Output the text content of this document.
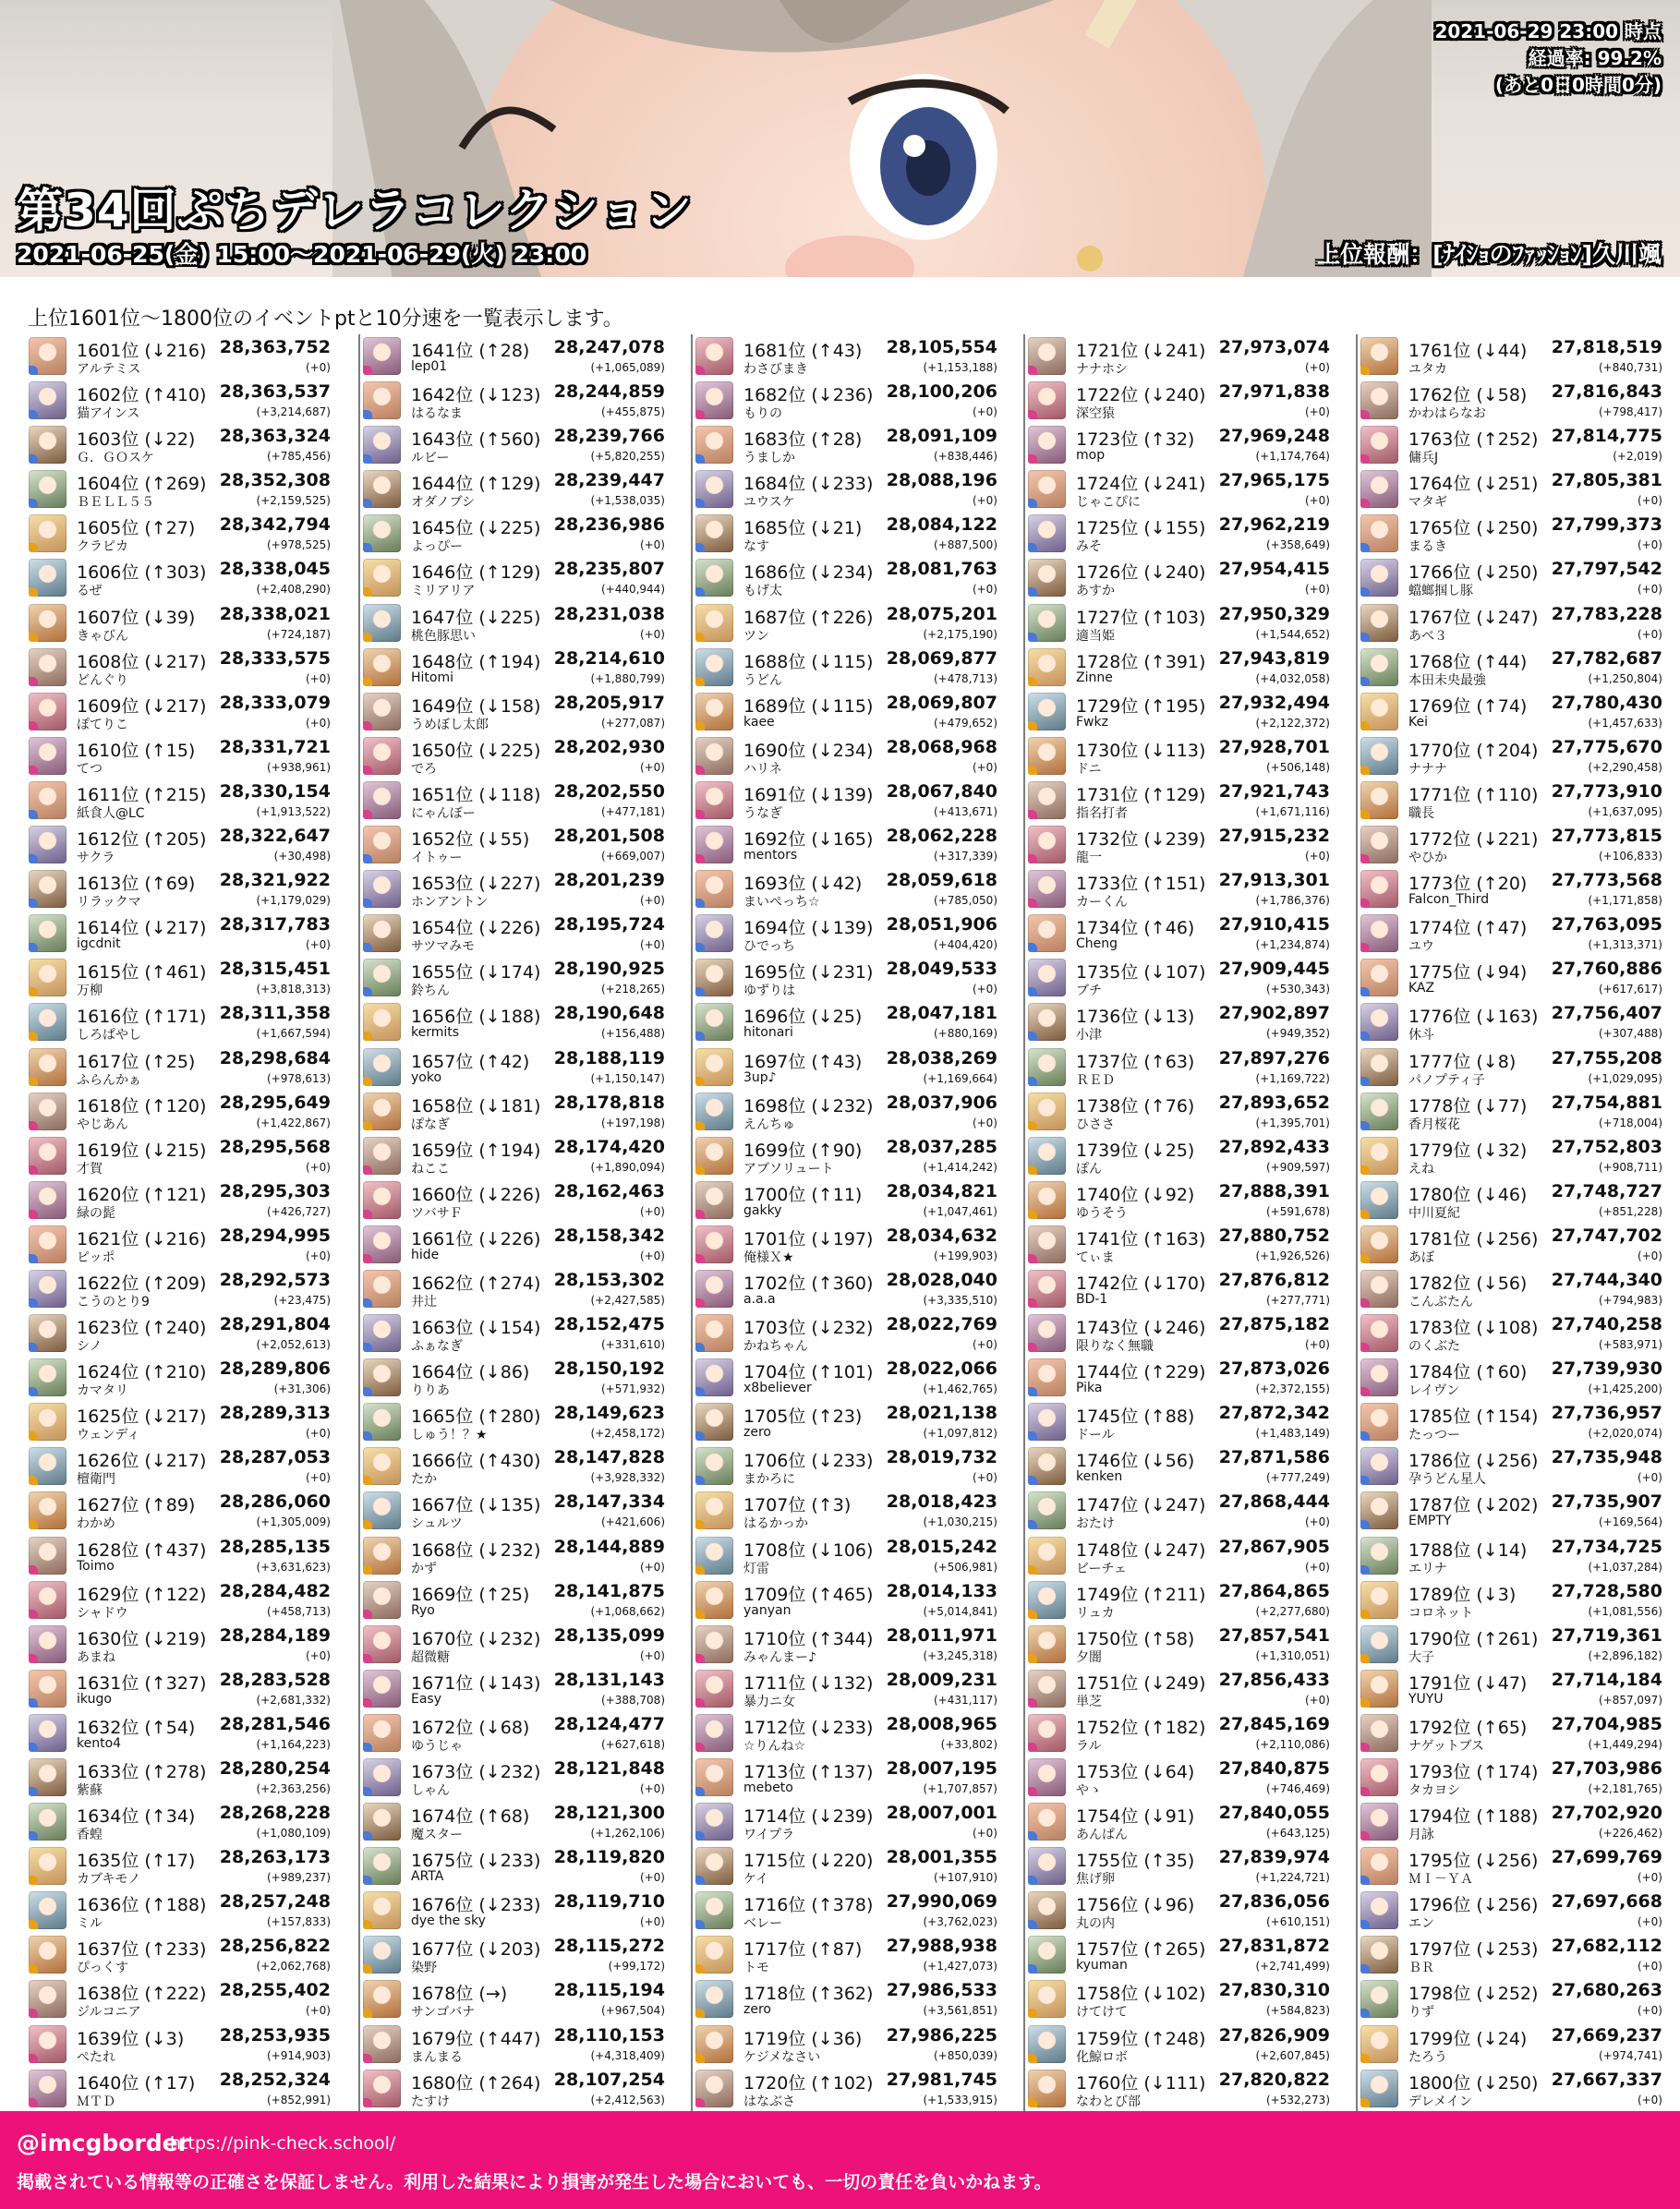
2021-06-29 23:00 時点
経過率: 99.2%
(あと0日0時間0分)
第34回ぷちデレラコレクション
2021-06-25(金) 15:00～2021-06-29(火) 23:00	上位報酬：[ﾅｲｼｮのﾌｧｯｼｮﾝ]久川颯
上位1601位～1800位のイベントptと10分速を一覧表示します。
1601位 (↓216) 28,363,752
アルテミス	(+0)
1602位 (↑410) 28,363,537
猫アインス	(+3,214,687)
1603位 (↓22) 28,363,324
Ｇ．ＧＯスケ	(+785,456)
1604位 (↑269) 28,352,308
ＢＥＬＬ５５	(+2,159,525)
1605位 (↑27) 28,342,794
クラピカ	(+978,525)
1606位 (↑303) 28,338,045
るぜ	(+2,408,290)
1607位 (↓39) 28,338,021
きゃびん	(+724,187)
1608位 (↓217) 28,333,575
どんぐり	(+0)
1609位 (↓217) 28,333,079
ぽてりこ	(+0)
1610位 (↑15) 28,331,721
てつ	(+938,961)
1611位 (↑215) 28,330,154
紙食人@LC	(+1,913,522)
1612位 (↑205) 28,322,647
サクラ	(+30,498)
1613位 (↑69) 28,321,922
リラックマ	(+1,179,029)
1614位 (↓217) 28,317,783
igcdnit	(+0)
1615位 (↑461) 28,315,451
万柳	(+3,818,313)
1616位 (↑171) 28,311,358
しろぱやし	(+1,667,594)
1617位 (↑25) 28,298,684
ふらんかぁ	(+978,613)
1618位 (↑120) 28,295,649
やじあん	(+1,422,867)
1619位 (↓215) 28,295,568
才賀	(+0)
1620位 (↑121) 28,295,303
緑の髭	(+426,727)
1621位 (↓216) 28,294,995
ピッポ	(+0)
1622位 (↑209) 28,292,573
こうのとり9	(+23,475)
1623位 (↑240) 28,291,804
シノ	(+2,052,613)
1624位 (↑210) 28,289,806
カマタリ	(+31,306)
1625位 (↓217) 28,289,313
ウェンディ	(+0)
1626位 (↓217) 28,287,053
檀衛門	(+0)
1627位 (↑89) 28,286,060
わかめ	(+1,305,009)
1628位 (↑437) 28,285,135
Toimo	(+3,631,623)
1629位 (↑122) 28,284,482
シャドウ	(+458,713)
1630位 (↓219) 28,284,189
あまね	(+0)
1631位 (↑327) 28,283,528
ikugo	(+2,681,332)
1632位 (↑54) 28,281,546
kento4	(+1,164,223)
1633位 (↑278) 28,280,254
紫蘇	(+2,363,256)
1634位 (↑34) 28,268,228
香蝗	(+1,080,109)
1635位 (↑17) 28,263,173
カブキモノ	(+989,237)
1636位 (↑188) 28,257,248
ミル	(+157,833)
1637位 (↑233) 28,256,822
ぴっくす	(+2,062,768)
1638位 (↑222) 28,255,402
ジルコニア	(+0)
1639位 (↓3) 28,253,935
ぺたれ	(+914,903)
1640位 (↑17) 28,252,324
ＭＴＤ	(+852,991)
1641位 (↑28) 28,247,078
lep01	(+1,065,089)
1642位 (↓123) 28,244,859
はるなま	(+455,875)
1643位 (↑560) 28,239,766
ルビー	(+5,820,255)
1644位 (↑129) 28,239,447
オダノブシ	(+1,538,035)
1645位 (↓225) 28,236,986
よっぴー	(+0)
1646位 (↑129) 28,235,807
ミリアリア	(+440,944)
1647位 (↓225) 28,231,038
桃色豚思い	(+0)
1648位 (↑194) 28,214,610
Hitomi	(+1,880,799)
1649位 (↓158) 28,205,917
うめぼし太郎	(+277,087)
1650位 (↓225) 28,202,930
でろ	(+0)
1651位 (↓118) 28,202,550
にゃんぼー	(+477,181)
1652位 (↓55) 28,201,508
イトゥー	(+669,007)
1653位 (↓227) 28,201,239
ホンアントン	(+0)
1654位 (↓226) 28,195,724
サツマみモ	(+0)
1655位 (↓174) 28,190,925
鈴ちん	(+218,265)
1656位 (↓188) 28,190,648
kermits	(+156,488)
1657位 (↑42) 28,188,119
yoko	(+1,150,147)
1658位 (↓181) 28,178,818
ぽなぎ	(+197,198)
1659位 (↑194) 28,174,420
ねここ	(+1,890,094)
1660位 (↓226) 28,162,463
ツバサＦ	(+0)
1661位 (↓226) 28,158,342
hide	(+0)
1662位 (↑274) 28,153,302
井辻	(+2,427,585)
1663位 (↓154) 28,152,475
ふぁなぎ	(+331,610)
1664位 (↓86) 28,150,192
りりあ	(+571,932)
1665位 (↑280) 28,149,623
しゅう！？★	(+2,458,172)
1666位 (↑430) 28,147,828
たか	(+3,928,332)
1667位 (↓135) 28,147,334
シュルツ	(+421,606)
1668位 (↓232) 28,144,889
かず	(+0)
1669位 (↑25) 28,141,875
Ryo	(+1,068,662)
1670位 (↓232) 28,135,099
超微糖	(+0)
1671位 (↓143) 28,131,143
Easy	(+388,708)
1672位 (↓68) 28,124,477
ゆうじゃ	(+627,618)
1673位 (↓232) 28,121,848
しゃん	(+0)
1674位 (↑68) 28,121,300
魔スター	(+1,262,106)
1675位 (↓233) 28,119,820
ARTA	(+0)
1676位 (↓233) 28,119,710
dye the sky	(+0)
1677位 (↓203) 28,115,272
染野	(+99,172)
1678位 (→)	28,115,194
サンゴバナ	(+967,504)
1679位 (↑447) 28,110,153
まんまる	(+4,318,409)
1680位 (↑264) 28,107,254
たすけ	(+2,412,563)
1681位 (↑43) 28,105,554
わさびまき	(+1,153,188)
1682位 (↓236) 28,100,206
もりの	(+0)
1683位 (↑28) 28,091,109
うましか	(+838,446)
1684位 (↓233) 28,088,196
ユウスケ	(+0)
1685位 (↓21) 28,084,122
なす	(+887,500)
1686位 (↓234) 28,081,763
もげ太	(+0)
1687位 (↑226) 28,075,201
ツン	(+2,175,190)
1688位 (↓115) 28,069,877
うどん	(+478,713)
1689位 (↓115) 28,069,807
kaee	(+479,652)
1690位 (↓234) 28,068,968
ハリネ	(+0)
1691位 (↓139) 28,067,840
うなぎ	(+413,671)
1692位 (↓165) 28,062,228
mentors	(+317,339)
1693位 (↓42) 28,059,618
まいぺっち☆	(+785,050)
1694位 (↓139) 28,051,906
ひでっち	(+404,420)
1695位 (↓231) 28,049,533
ゆずりは	(+0)
1696位 (↓25) 28,047,181
hitonari	(+880,169)
1697位 (↑43) 28,038,269
3up♪	(+1,169,664)
1698位 (↓232) 28,037,906
えんちゅ	(+0)
1699位 (↑90) 28,037,285
アブソリュート	(+1,414,242)
1700位 (↑11) 28,034,821
gakky	(+1,047,461)
1701位 (↓197) 28,034,632
俺様Ｘ★	(+199,903)
1702位 (↑360) 28,028,040
a.a.a	(+3,335,510)
1703位 (↓232) 28,022,769
かねちゃん	(+0)
1704位 (↑101) 28,022,066
x8believer	(+1,462,765)
1705位 (↑23) 28,021,138
zero	(+1,097,812)
1706位 (↓233) 28,019,732
まかろに	(+0)
1707位 (↑3) 28,018,423
はるかっか	(+1,030,215)
1708位 (↓106) 28,015,242
灯雷	(+506,981)
1709位 (↑465) 28,014,133
yanyan	(+5,014,841)
1710位 (↑344) 28,011,971
みゃんまー♪	(+3,245,318)
1711位 (↓132) 28,009,231
暴力ニ女	(+431,117)
1712位 (↓233) 28,008,965
☆りんね☆	(+33,802)
1713位 (↑137) 28,007,195
mebeto	(+1,707,857)
1714位 (↓239) 28,007,001
ワイプラ	(+0)
1715位 (↓220) 28,001,355
ケイ	(+107,910)
1716位 (↑378) 27,990,069
ベレー	(+3,762,023)
1717位 (↑87) 27,988,938
トモ	(+1,427,073)
1718位 (↑362) 27,986,533
zero	(+3,561,851)
1719位 (↓36) 27,986,225
ケジメなさい	(+850,039)
1720位 (↑102) 27,981,745
はなぶさ	(+1,533,915)
1721位 (↓241) 27,973,074
ナナホシ	(+0)
1722位 (↓240) 27,971,838
深空猿	(+0)
1723位 (↑32) 27,969,248
mop	(+1,174,764)
1724位 (↓241) 27,965,175
じゃこぴに	(+0)
1725位 (↓155) 27,962,219
みそ	(+358,649)
1726位 (↓240) 27,954,415
あすか	(+0)
1727位 (↑103) 27,950,329
適当姫	(+1,544,652)
1728位 (↑391) 27,943,819
Zinne	(+4,032,058)
1729位 (↑195) 27,932,494
Fwkz	(+2,122,372)
1730位 (↓113) 27,928,701
ドニ	(+506,148)
1731位 (↑129) 27,921,743
指名打者	(+1,671,116)
1732位 (↓239) 27,915,232
龍一	(+0)
1733位 (↑151) 27,913,301
カーくん	(+1,786,376)
1734位 (↑46) 27,910,415
Cheng	(+1,234,874)
1735位 (↓107) 27,909,445
ブチ	(+530,343)
1736位 (↓13) 27,902,897
小津	(+949,352)
1737位 (↑63) 27,897,276
ＲＥＤ	(+1,169,722)
1738位 (↑76) 27,893,652
ひささ	(+1,395,701)
1739位 (↓25) 27,892,433
ぽん	(+909,597)
1740位 (↓92) 27,888,391
ゆうそう	(+591,678)
1741位 (↑163) 27,880,752
てぃま	(+1,926,526)
1742位 (↓170) 27,876,812
BD-1	(+277,771)
1743位 (↓246) 27,875,182
限りなく無職	(+0)
1744位 (↑229) 27,873,026
Pika	(+2,372,155)
1745位 (↑88) 27,872,342
ドール	(+1,483,149)
1746位 (↓56) 27,871,586
kenken	(+777,249)
1747位 (↓247) 27,868,444
おたけ	(+0)
1748位 (↓247) 27,867,905
ビーチェ	(+0)
1749位 (↑211) 27,864,865
リュカ	(+2,277,680)
1750位 (↑58) 27,857,541
夕闇	(+1,310,051)
1751位 (↓249) 27,856,433
単芝	(+0)
1752位 (↑182) 27,845,169
ラル	(+2,110,086)
1753位 (↓64) 27,840,875
やゝ	(+746,469)
1754位 (↓91) 27,840,055
あんぱん	(+643,125)
1755位 (↑35) 27,839,974
焦げ卵	(+1,224,721)
1756位 (↓96) 27,836,056
丸の内	(+610,151)
1757位 (↑265) 27,831,872
kyuman	(+2,741,499)
1758位 (↓102) 27,830,310
けてけて	(+584,823)
1759位 (↑248) 27,826,909
化鯨ロボ	(+2,607,845)
1760位 (↓111) 27,820,822
なわとび部	(+532,273)
1761位 (↓44) 27,818,519
ユタカ	(+840,731)
1762位 (↓58) 27,816,843
かわはらなお	(+798,417)
1763位 (↑252) 27,814,775
傭兵J	(+2,019)
1764位 (↓251) 27,805,381
マタギ	(+0)
1765位 (↓250) 27,799,373
まるき	(+0)
1766位 (↓250) 27,797,542
蟷螂掴し豚	(+0)
1767位 (↓247) 27,783,228
あべ３	(+0)
1768位 (↑44) 27,782,687
本田未央最強	(+1,250,804)
1769位 (↑74) 27,780,430
Kei	(+1,457,633)
1770位 (↑204) 27,775,670
ナナナ	(+2,290,458)
1771位 (↑110) 27,773,910
職長	(+1,637,095)
1772位 (↓221) 27,773,815
やひか	(+106,833)
1773位 (↑20) 27,773,568
Falcon_Third	(+1,171,858)
1774位 (↑47) 27,763,095
ユウ	(+1,313,371)
1775位 (↓94) 27,760,886
KAZ	(+617,617)
1776位 (↓163) 27,756,407
休斗	(+307,488)
1777位 (↓8) 27,755,208
パノプティ子	(+1,029,095)
1778位 (↓77) 27,754,881
香月桜花	(+718,004)
1779位 (↓32) 27,752,803
えね	(+908,711)
1780位 (↓46) 27,748,727
中川夏紀	(+851,228)
1781位 (↓256) 27,747,702
あぼ	(+0)
1782位 (↓56) 27,744,340
こんぶたん	(+794,983)
1783位 (↓108) 27,740,258
のくぶた	(+583,971)
1784位 (↑60) 27,739,930
レイヴン	(+1,425,200)
1785位 (↑154) 27,736,957
たっつー	(+2,020,074)
1786位 (↓256) 27,735,948
孕うどん星人	(+0)
1787位 (↓202) 27,735,907
EMPTY	(+169,564)
1788位 (↓14) 27,734,725
エリナ	(+1,037,284)
1789位 (↓3) 27,728,580
コロネット	(+1,081,556)
1790位 (↑261) 27,719,361
大子	(+2,896,182)
1791位 (↓47) 27,714,184
YUYU	(+857,097)
1792位 (↑65) 27,704,985
ナゲットブス	(+1,449,294)
1793位 (↑174) 27,703,986
タカヨシ	(+2,181,765)
1794位 (↑188) 27,702,920
月詠	(+226,462)
1795位 (↓256) 27,699,769
ＭＩ－ＹＡ	(+0)
1796位 (↓256) 27,697,668
エン	(+0)
1797位 (↓253) 27,682,112
ＢＲ	(+0)
1798位 (↓252) 27,680,263
りず	(+0)
1799位 (↓24) 27,669,237
たろう	(+974,741)
1800位 (↓250) 27,667,337
デレメイン	(+0)
@imcgborder
https://pink-check.school/
掲載されている情報等の正確さを保証しません。利用した結果により損害が発生した場合においても、一切の責任を負いかねます。
